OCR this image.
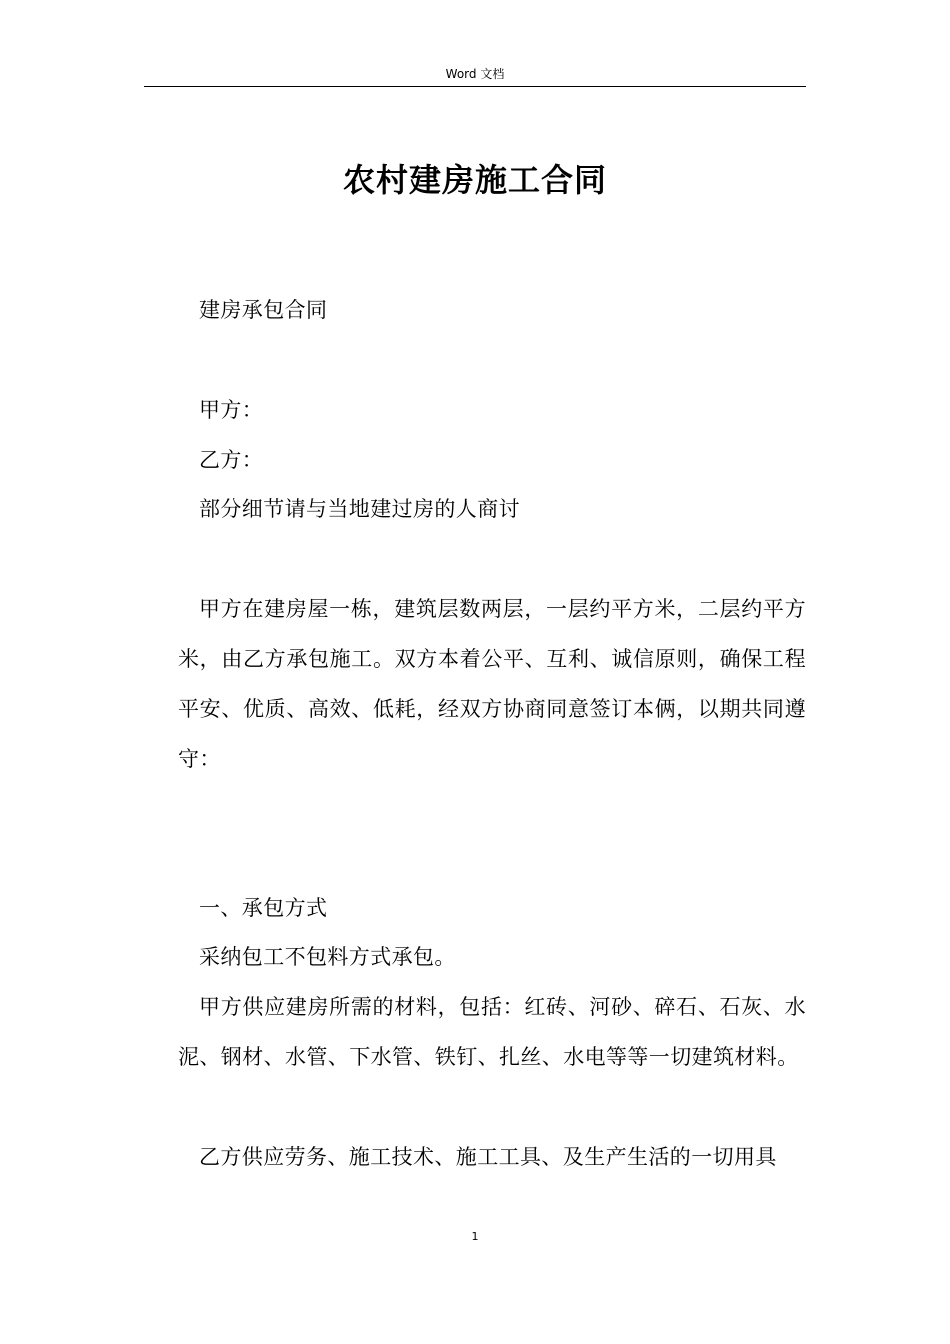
Word 文档
农村建房施工合同

建房承包合同

甲方：

乙方：

部分细节请与当地建过房的人商讨

甲方在建房屋一栋，建筑层数两层，一层约平方米，二层约平方米，由乙方承包施工。双方本着公平、互利、诚信原则，确保工程平安、优质、高效、低耗，经双方协商同意签订本俩，以期共同遵守：

一、承包方式

采纳包工不包料方式承包。

甲方供应建房所需的材料，包括：红砖、河砂、碎石、石灰、水泥、钢材、水管、下水管、铁钉、扎丝、水电等等一切建筑材料。

乙方供应劳务、施工技术、施工工具、及生产生活的一切用具

1
